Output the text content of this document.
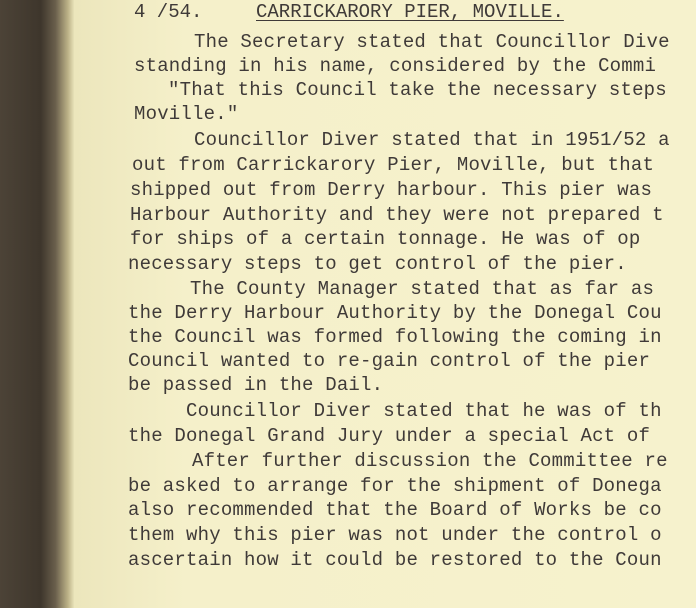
4 /54.	CARRICKARORY PIER, MOVILLE.
The Secretary stated that Councillor Dive
standing in his name, considered by the Commi
"That this Council take the necessary steps
Moville."
Councillor Diver stated that in 1951/52 a
out from Carrickarory Pier, Moville, but that
shipped out from Derry harbour. This pier was
Harbour Authority and they were not prepared t
for ships of a certain tonnage. He was of op
necessary steps to get control of the pier.
The County Manager stated that as far as
the Derry Harbour Authority by the Donegal Cou
the Council was formed following the coming in
Council wanted to re-gain control of the pier
be passed in the Dail.
Councillor Diver stated that he was of th
the Donegal Grand Jury under a special Act of
After further discussion the Committee re
be asked to arrange for the shipment of Donega
also recommended that the Board of Works be co
them why this pier was not under the control o
ascertain how it could be restored to the Coun
